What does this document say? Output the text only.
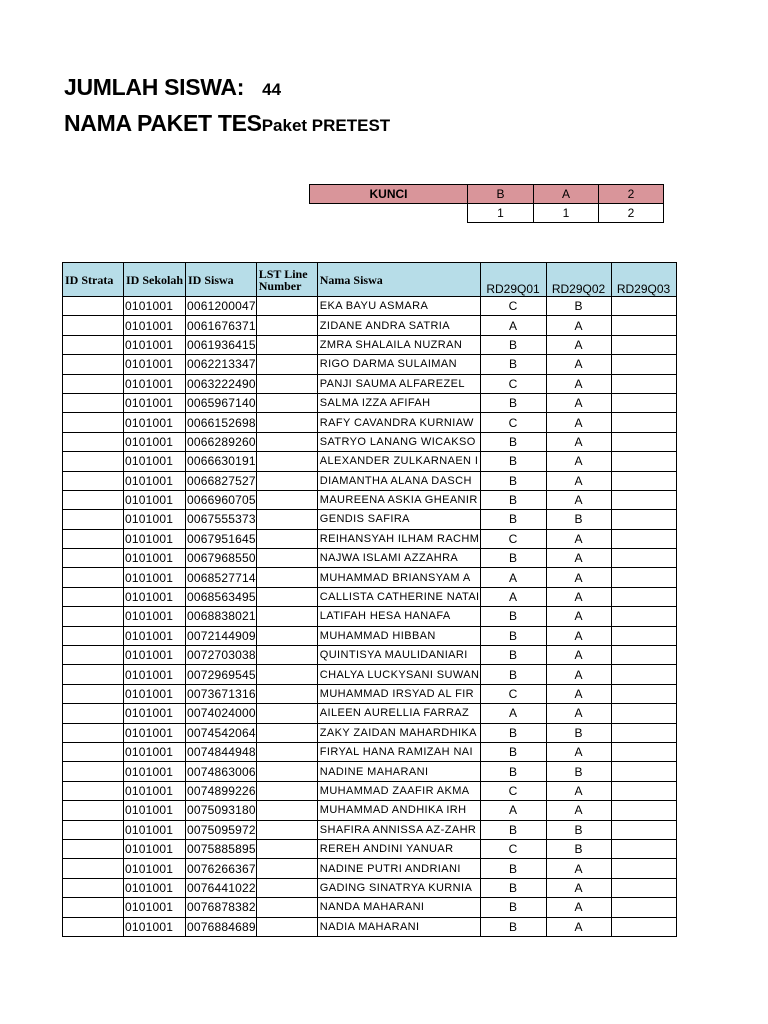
JUMLAH SISWA: 44
NAMA PAKET TESPaket PRETEST
KUNCI	B	A	2
	1	1	2
ID Strata	ID Sekolah	ID Siswa	LST Line Number	Nama Siswa	RD29Q01	RD29Q02	RD29Q03
	0101001	0061200047		EKA BAYU ASMARA	C	B	
	0101001	0061676371		ZIDANE ANDRA SATRIA	A	A	
	0101001	0061936415		ZMRA SHALAILA NUZRAN	B	A	
	0101001	0062213347		RIGO DARMA SULAIMAN	B	A	
	0101001	0063222490		PANJI SAUMA ALFAREZEL	C	A	
	0101001	0065967140		SALMA IZZA AFIFAH	B	A	
	0101001	0066152698		RAFY CAVANDRA KURNIAW	C	A	
	0101001	0066289260		SATRYO LANANG WICAKSO	B	A	
	0101001	0066630191		ALEXANDER ZULKARNAEN I	B	A	
	0101001	0066827527		DIAMANTHA ALANA DASCH	B	A	
	0101001	0066960705		MAUREENA ASKIA GHEANIR	B	A	
	0101001	0067555373		GENDIS SAFIRA	B	B	
	0101001	0067951645		REIHANSYAH ILHAM RACHM	C	A	
	0101001	0067968550		NAJWA ISLAMI AZZAHRA	B	A	
	0101001	0068527714		MUHAMMAD BRIANSYAM A	A	A	
	0101001	0068563495		CALLISTA CATHERINE NATAI	A	A	
	0101001	0068838021		LATIFAH HESA HANAFA	B	A	
	0101001	0072144909		MUHAMMAD HIBBAN	B	A	
	0101001	0072703038		QUINTISYA MAULIDANIARI	B	A	
	0101001	0072969545		CHALYA LUCKYSANI SUWAN	B	A	
	0101001	0073671316		MUHAMMAD IRSYAD AL FIR	C	A	
	0101001	0074024000		AILEEN AURELLIA FARRAZ	A	A	
	0101001	0074542064		ZAKY ZAIDAN MAHARDHIKA	B	B	
	0101001	0074844948		FIRYAL HANA RAMIZAH NAI	B	A	
	0101001	0074863006		NADINE MAHARANI	B	B	
	0101001	0074899226		MUHAMMAD ZAAFIR AKMA	C	A	
	0101001	0075093180		MUHAMMAD ANDHIKA IRH	A	A	
	0101001	0075095972		SHAFIRA ANNISSA AZ-ZAHR	B	B	
	0101001	0075885895		REREH ANDINI YANUAR	C	B	
	0101001	0076266367		NADINE PUTRI ANDRIANI	B	A	
	0101001	0076441022		GADING SINATRYA KURNIA	B	A	
	0101001	0076878382		NANDA MAHARANI	B	A	
	0101001	0076884689		NADIA MAHARANI	B	A	
